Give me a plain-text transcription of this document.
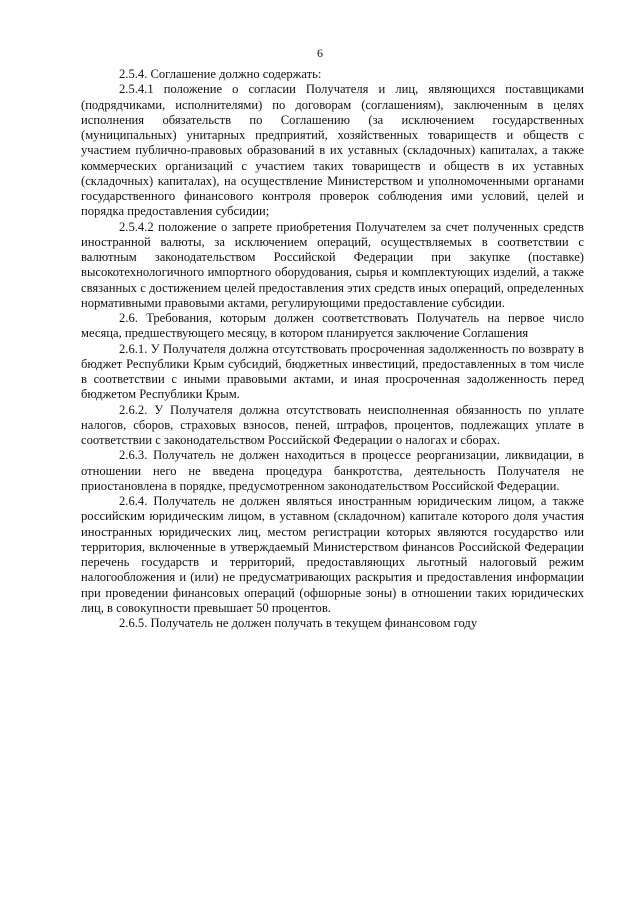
6

2.5.4. Соглашение должно содержать:

2.5.4.1 положение о согласии Получателя и лиц, являющихся поставщиками (подрядчиками, исполнителями) по договорам (соглашениям), заключенным в целях исполнения обязательств по Соглашению (за исключением государственных (муниципальных) унитарных предприятий, хозяйственных товариществ и обществ с участием публично-правовых образований в их уставных (складочных) капиталах, а также коммерческих организаций с участием таких товариществ и обществ в их уставных (складочных) капиталах), на осуществление Министерством и уполномоченными органами государственного финансового контроля проверок соблюдения ими условий, целей и порядка предоставления субсидии;

2.5.4.2 положение о запрете приобретения Получателем за счет полученных средств иностранной валюты, за исключением операций, осуществляемых в соответствии с валютным законодательством Российской Федерации при закупке (поставке) высокотехнологичного импортного оборудования, сырья и комплектующих изделий, а также связанных с достижением целей предоставления этих средств иных операций, определенных нормативными правовыми актами, регулирующими предоставление субсидии.

2.6. Требования, которым должен соответствовать Получатель на первое число месяца, предшествующего месяцу, в котором планируется заключение Соглашения

2.6.1. У Получателя должна отсутствовать просроченная задолженность по возврату в бюджет Республики Крым субсидий, бюджетных инвестиций, предоставленных в том числе в соответствии с иными правовыми актами, и иная просроченная задолженность перед бюджетом Республики Крым.

2.6.2. У Получателя должна отсутствовать неисполненная обязанность по уплате налогов, сборов, страховых взносов, пеней, штрафов, процентов, подлежащих уплате в соответствии с законодательством Российской Федерации о налогах и сборах.

2.6.3. Получатель не должен находиться в процессе реорганизации, ликвидации, в отношении него не введена процедура банкротства, деятельность Получателя не приостановлена в порядке, предусмотренном законодательством Российской Федерации.

2.6.4. Получатель не должен являться иностранным юридическим лицом, а также российским юридическим лицом, в уставном (складочном) капитале которого доля участия иностранных юридических лиц, местом регистрации которых являются государство или территория, включенные в утверждаемый Министерством финансов Российской Федерации перечень государств и территорий, предоставляющих льготный налоговый режим налогообложения и (или) не предусматривающих раскрытия и предоставления информации при проведении финансовых операций (офшорные зоны) в отношении таких юридических лиц, в совокупности превышает 50 процентов.

2.6.5. Получатель не должен получать в текущем финансовом году
